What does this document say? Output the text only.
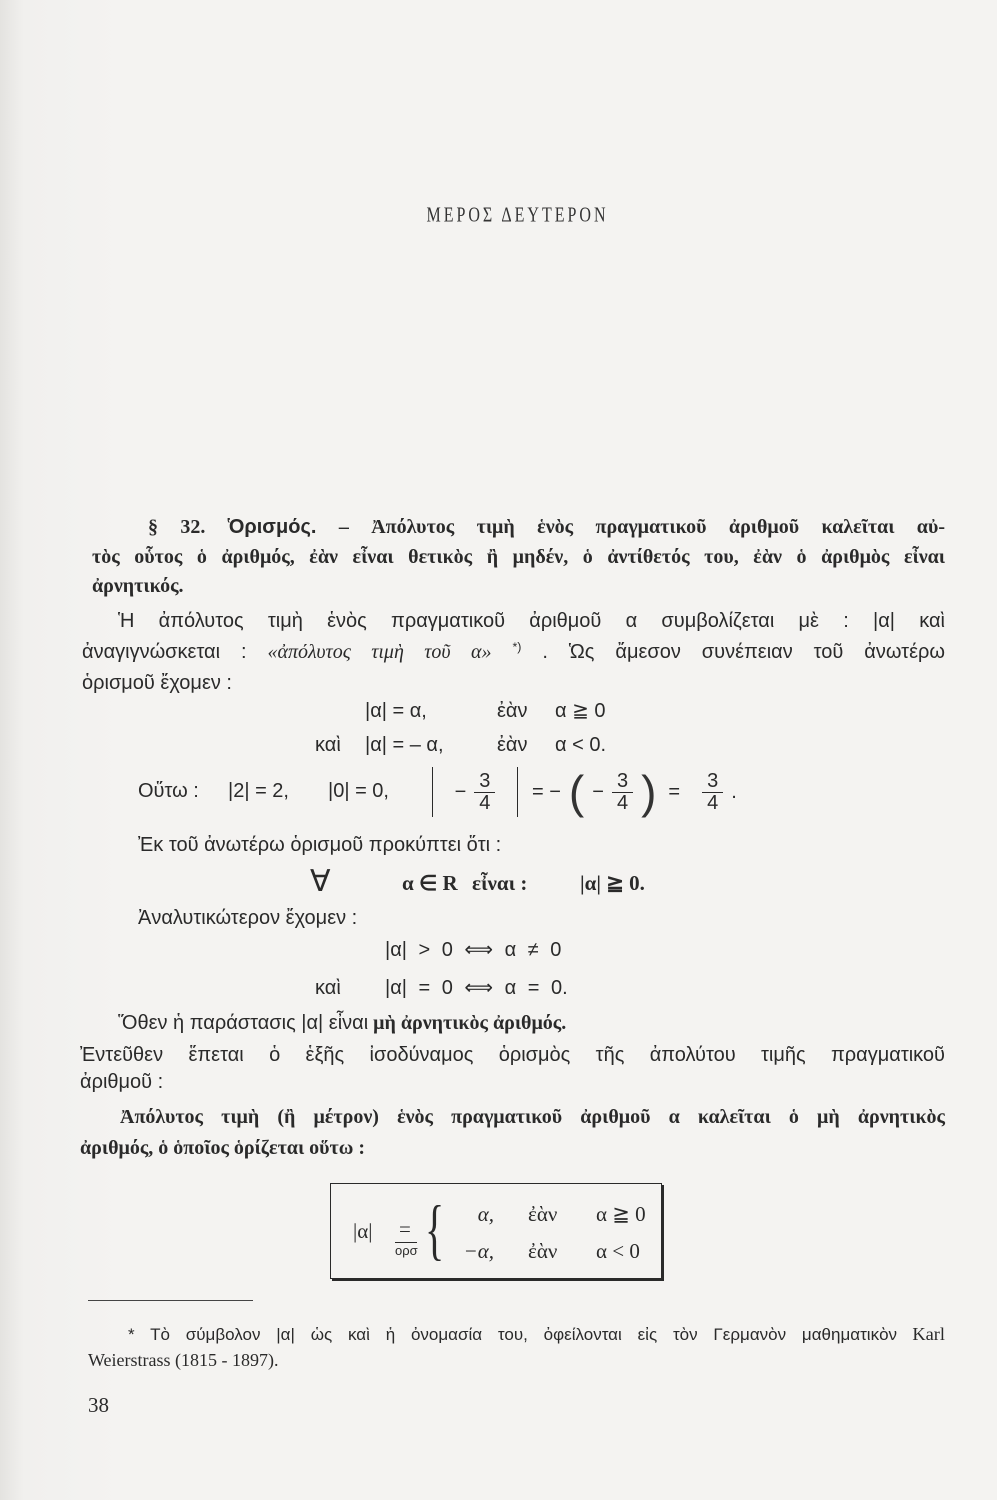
ΜΕΡΟΣ ΔΕΥΤΕΡΟΝ
§ 32. Ὁρισμός. – Ἀπόλυτος τιμὴ ἑνὸς πραγματικοῦ ἀριθμοῦ καλεῖται αὐ-
τὸς οὗτος ὁ ἀριθμός, ἐὰν εἶναι θετικὸς ἢ μηδέν, ὁ ἀντίθετός του, ἐὰν ὁ ἀριθμὸς εἶναι
ἀρνητικός.
Ἡ ἀπόλυτος τιμὴ ἑνὸς πραγματικοῦ ἀριθμοῦ α συμβολίζεται μὲ : |α| καὶ
ἀναγιγνώσκεται : «ἀπόλυτος τιμὴ τοῦ α» *) . Ὡς ἄμεσον συνέπειαν τοῦ ἀνωτέρω
ὁρισμοῦ ἔχομεν :
|α| = α,	ἐὰν α ≧ 0
καὶ |α| = – α,	ἐὰν α < 0.
Οὕτω : |2| = 2, |0| = 0,	− $\frac{3}{4}$ = − ( − $\frac{3}{4}$ ) = $\frac{3}{4}$ .
Ἐκ τοῦ ἀνωτέρω ὁρισμοῦ προκύπτει ὅτι :
∀	α ∈ R εἶναι :	|α| ≧ 0.
Ἀναλυτικώτερον ἔχομεν :
|α| > 0 ⟺ α ≠ 0
καὶ |α| = 0 ⟺ α = 0.
Ὅθεν ἡ παράστασις |α| εἶναι μὴ ἀρνητικὸς ἀριθμός.
Ἐντεῦθεν ἕπεται ὁ ἑξῆς ἰσοδύναμος ὁρισμὸς τῆς ἀπολύτου τιμῆς πραγματικοῦ
ἀριθμοῦ :
Ἀπόλυτος τιμὴ (ἢ μέτρον) ἑνὸς πραγματικοῦ ἀριθμοῦ α καλεῖται ὁ μὴ ἀρνητικὸς
ἀριθμός, ὁ ὁποῖος ὁρίζεται οὕτω :
|α| =
ορσ {	α, ἐὰν α ≧ 0
−α, ἐὰν α < 0
* Τὸ σύμβολον |α| ὡς καὶ ἡ ὀνομασία του, ὀφείλονται εἰς τὸν Γερμανὸν μαθηματικὸν Karl
Weierstrass (1815 - 1897).
38
